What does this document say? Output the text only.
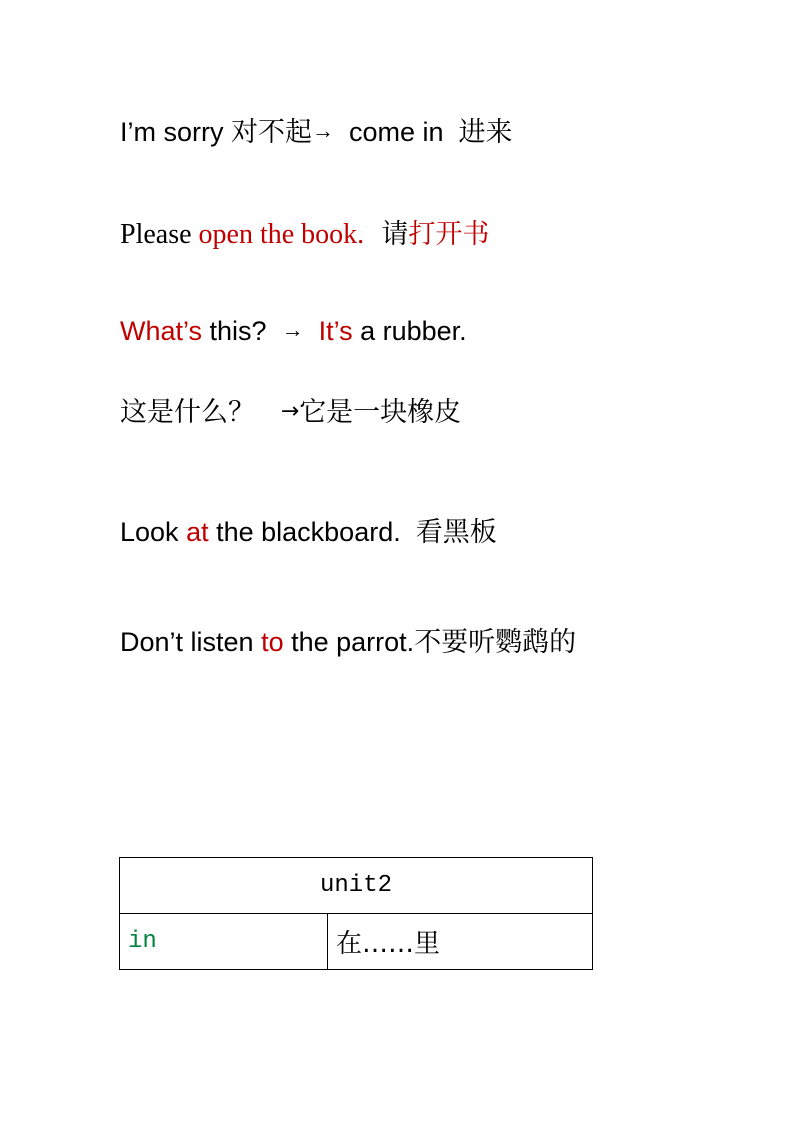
I’m sorry 对不起→  come in  进来
Please open the book.  请打开书
What’s this?  →  It’s a rubber.
这是什么？   →它是一块橡皮
Look at the blackboard.  看黑板
Don’t listen to the parrot.不要听鹦鹉的
unit2
in	在……里
